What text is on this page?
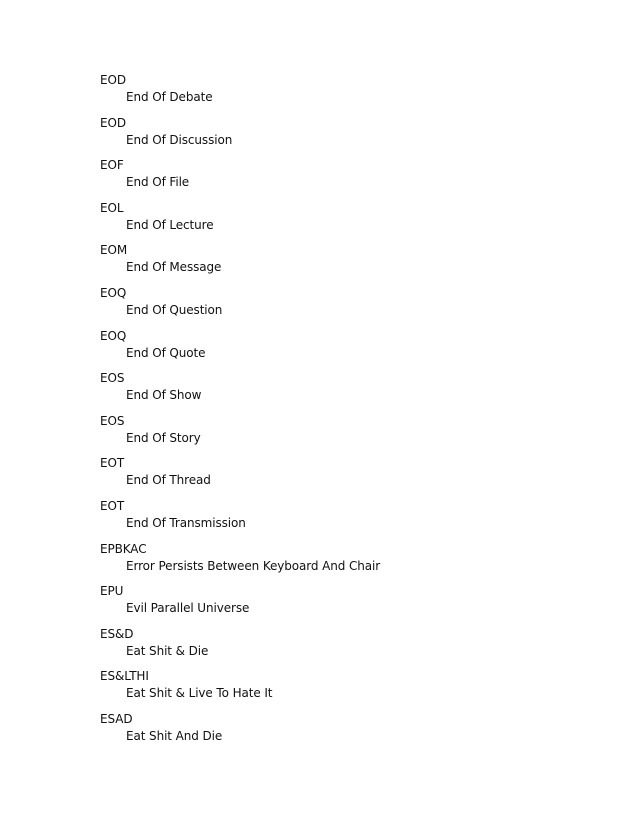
EOD
End Of Debate
EOD
End Of Discussion
EOF
End Of File
EOL
End Of Lecture
EOM
End Of Message
EOQ
End Of Question
EOQ
End Of Quote
EOS
End Of Show
EOS
End Of Story
EOT
End Of Thread
EOT
End Of Transmission
EPBKAC
Error Persists Between Keyboard And Chair
EPU
Evil Parallel Universe
ES&D
Eat Shit & Die
ES&LTHI
Eat Shit & Live To Hate It
ESAD
Eat Shit And Die
